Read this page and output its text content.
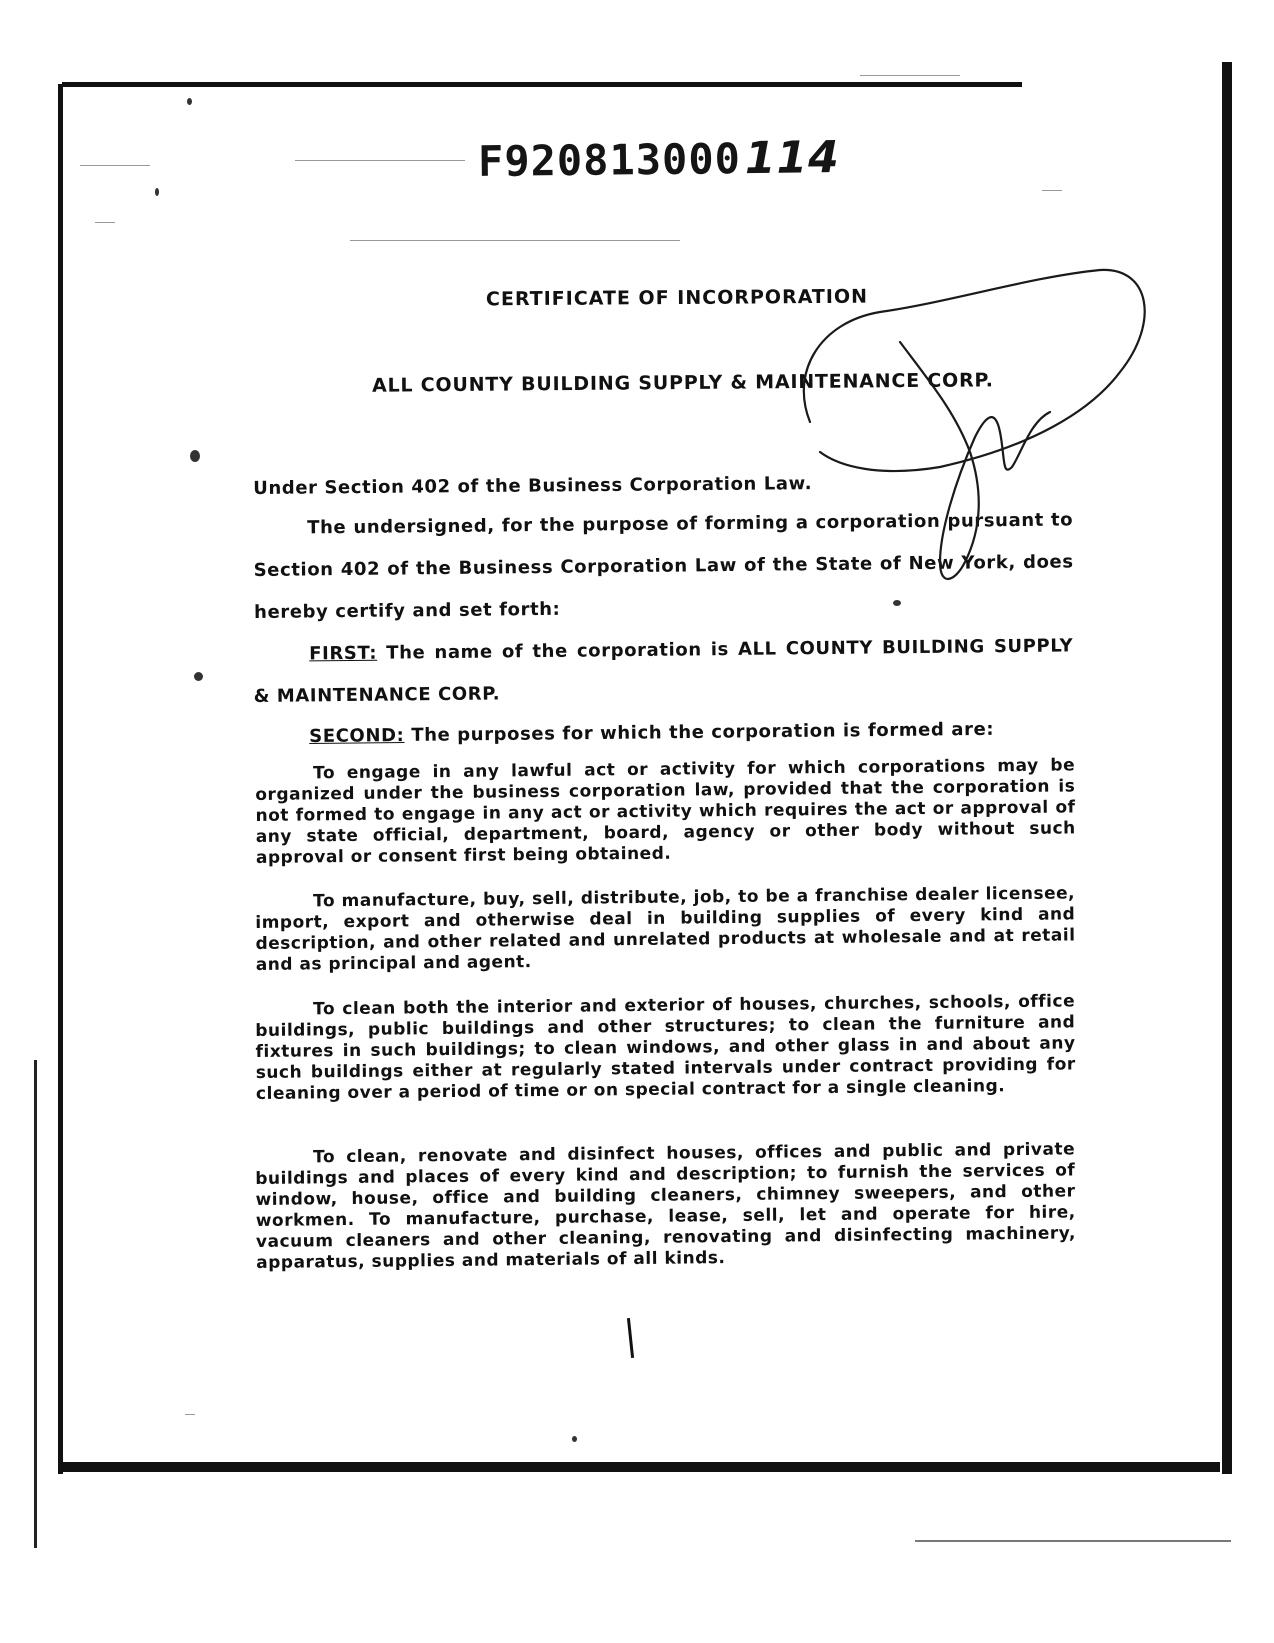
F920813000114
CERTIFICATE OF INCORPORATION
ALL COUNTY BUILDING SUPPLY & MAINTENANCE CORP.
Under Section 402 of the Business Corporation Law.
The undersigned, for the purpose of forming a corporation pursuant to Section 402 of the Business Corporation Law of the State of New York, does hereby certify and set forth:
FIRST: The name of the corporation is ALL COUNTY BUILDING SUPPLY & MAINTENANCE CORP.
SECOND: The purposes for which the corporation is formed are:
To engage in any lawful act or activity for which corporations may be organized under the business corporation law, provided that the corporation is not formed to engage in any act or activity which requires the act or approval of any state official, department, board, agency or other body without such approval or consent first being obtained.
To manufacture, buy, sell, distribute, job, to be a franchise dealer licensee, import, export and otherwise deal in building supplies of every kind and description, and other related and unrelated products at wholesale and at retail and as principal and agent.
To clean both the interior and exterior of houses, churches, schools, office buildings, public buildings and other structures; to clean the furniture and fixtures in such buildings; to clean windows, and other glass in and about any such buildings either at regularly stated intervals under contract providing for cleaning over a period of time or on special contract for a single cleaning.
To clean, renovate and disinfect houses, offices and public and private buildings and places of every kind and description; to furnish the services of window, house, office and building cleaners, chimney sweepers, and other workmen. To manufacture, purchase, lease, sell, let and operate for hire, vacuum cleaners and other cleaning, renovating and disinfecting machinery, apparatus, supplies and materials of all kinds.
